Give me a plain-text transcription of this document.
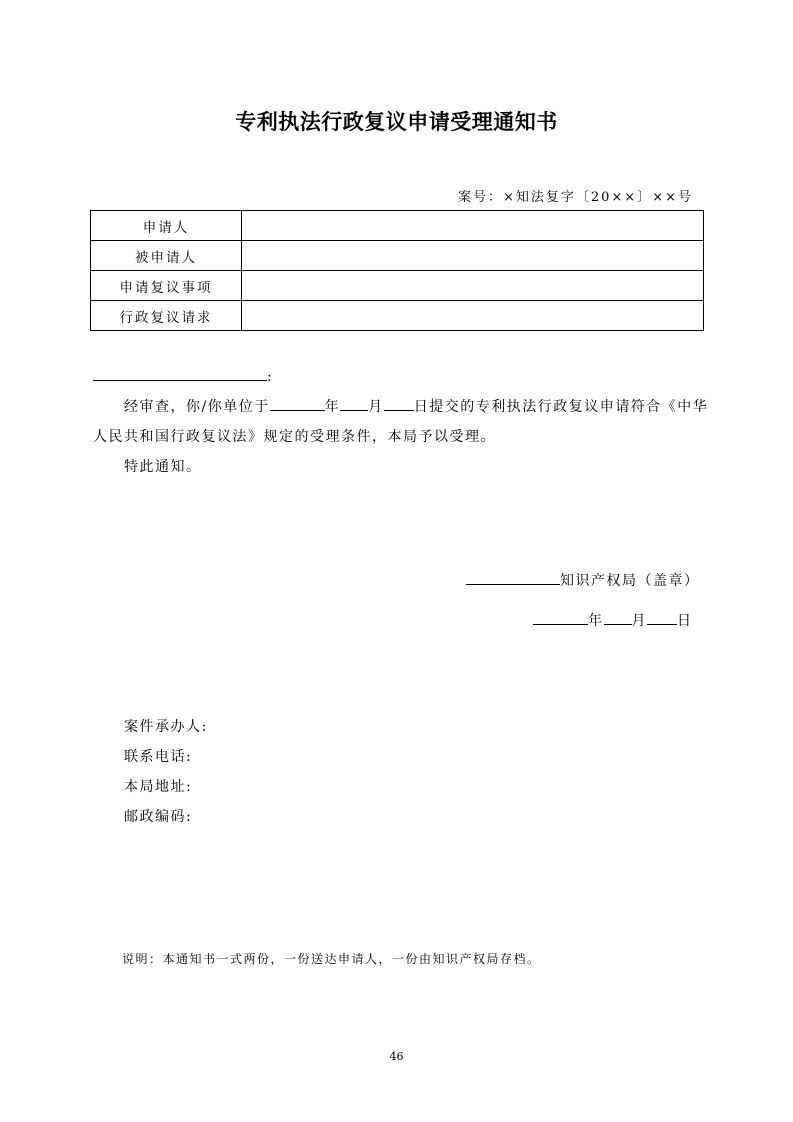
专利执法行政复议申请受理通知书
案号：×知法复字〔20××〕××号
申请人	
被申请人	
申请复议事项	
行政复议请求	
:
经审查，你/你单位于	年 月 日提交的专利执法行政复议申请符合《中华
人民共和国行政复议法》规定的受理条件，本局予以受理。
特此通知。
知识产权局（盖章）
年 月 日
案件承办人:
联系电话:
本局地址:
邮政编码:
说明：本通知书一式两份，一份送达申请人，一份由知识产权局存档。
46
